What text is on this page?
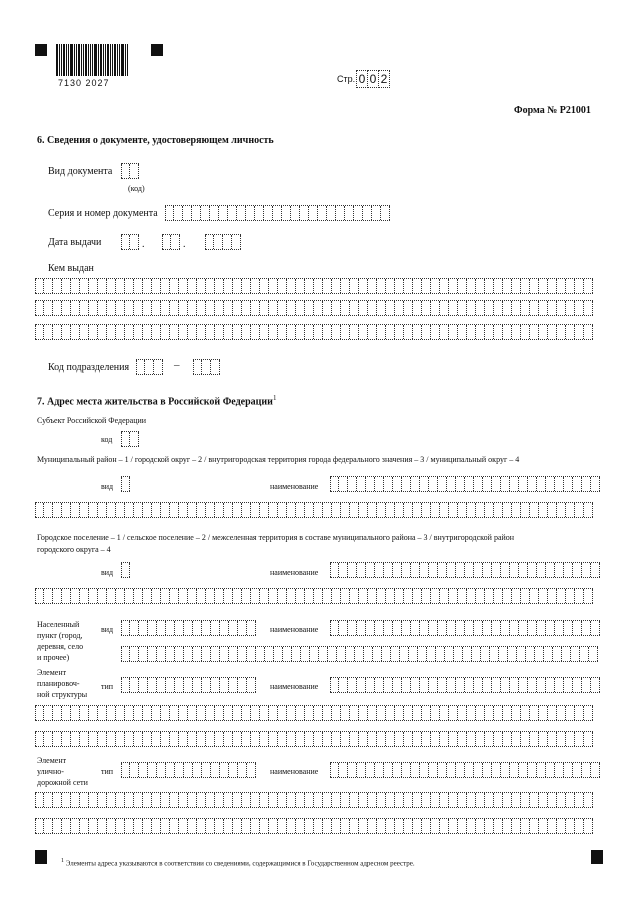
7130 2027	Стр. 0 0 2
Форма № Р21001
6. Сведения о документе, удостоверяющем личность
Вид документа
(код)
Серия и номер документа
Дата выдачи	.	.
Кем выдан
Код подразделения	–
7. Адрес места жительства в Российской Федерации$^1$
Субъект Российской Федерации
код
Муниципальный район – 1 / городской округ – 2 / внутригородская территория города федерального значения – 3 / муниципальный округ – 4
вид	наименование
Городское поселение – 1 / сельское поселение – 2 / межселенная территория в составе муниципального района – 3 / внутригородской район
городского округа – 4
вид	наименование
Населенный
пункт (город,
деревня, село
и прочее)
вид	наименование
Элемент
планировоч-
ной структуры
тип	наименование
Элемент
улично-
дорожной сети
тип	наименование
$^1$ Элементы адреса указываются в соответствии со сведениями, содержащимися в Государственном адресном реестре.
